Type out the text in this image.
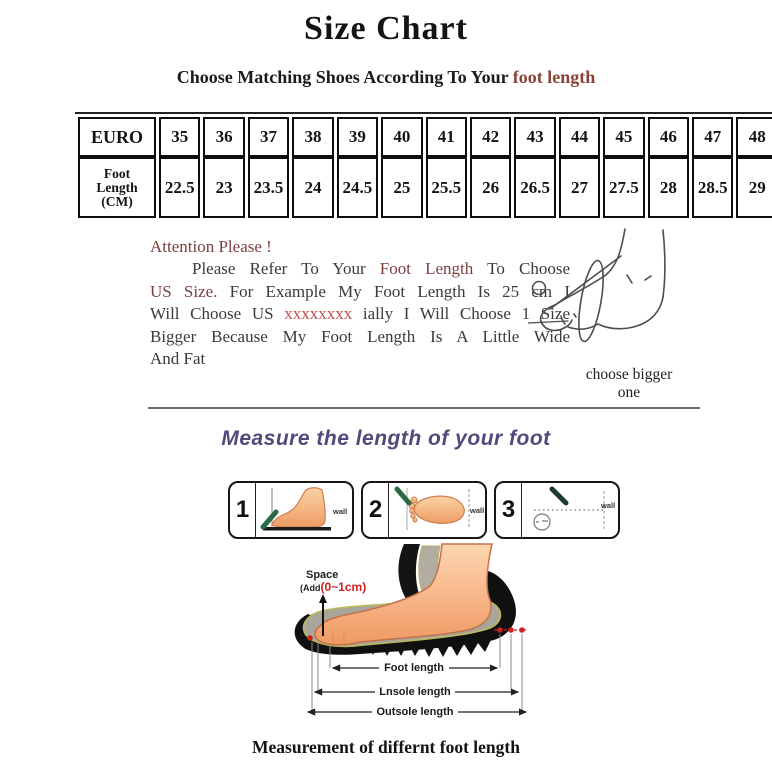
Size Chart
Choose Matching Shoes According To Your foot length
EURO	35	36	37	38	39	40	41	42	43	44	45	46	47	48

Foot
Length
(CM)	22.5	23	23.5	24	24.5	25	25.5	26	26.5	27	27.5	28	28.5	29
Attention Please !
Please Refer To Your Foot Length To Choose
US Size. For Example My Foot Length Is 25 cm I
Will Choose US xxxxxxxx ially I Will Choose 1 Size
Bigger Because My Foot Length Is A Little Wide
And Fat
choose bigger one
Measure the length of your foot
1	wall 2	wall 3	wall
Space
(Add(0~1cm)
Foot length
Lnsole length
Outsole length
Measurement of differnt foot length
